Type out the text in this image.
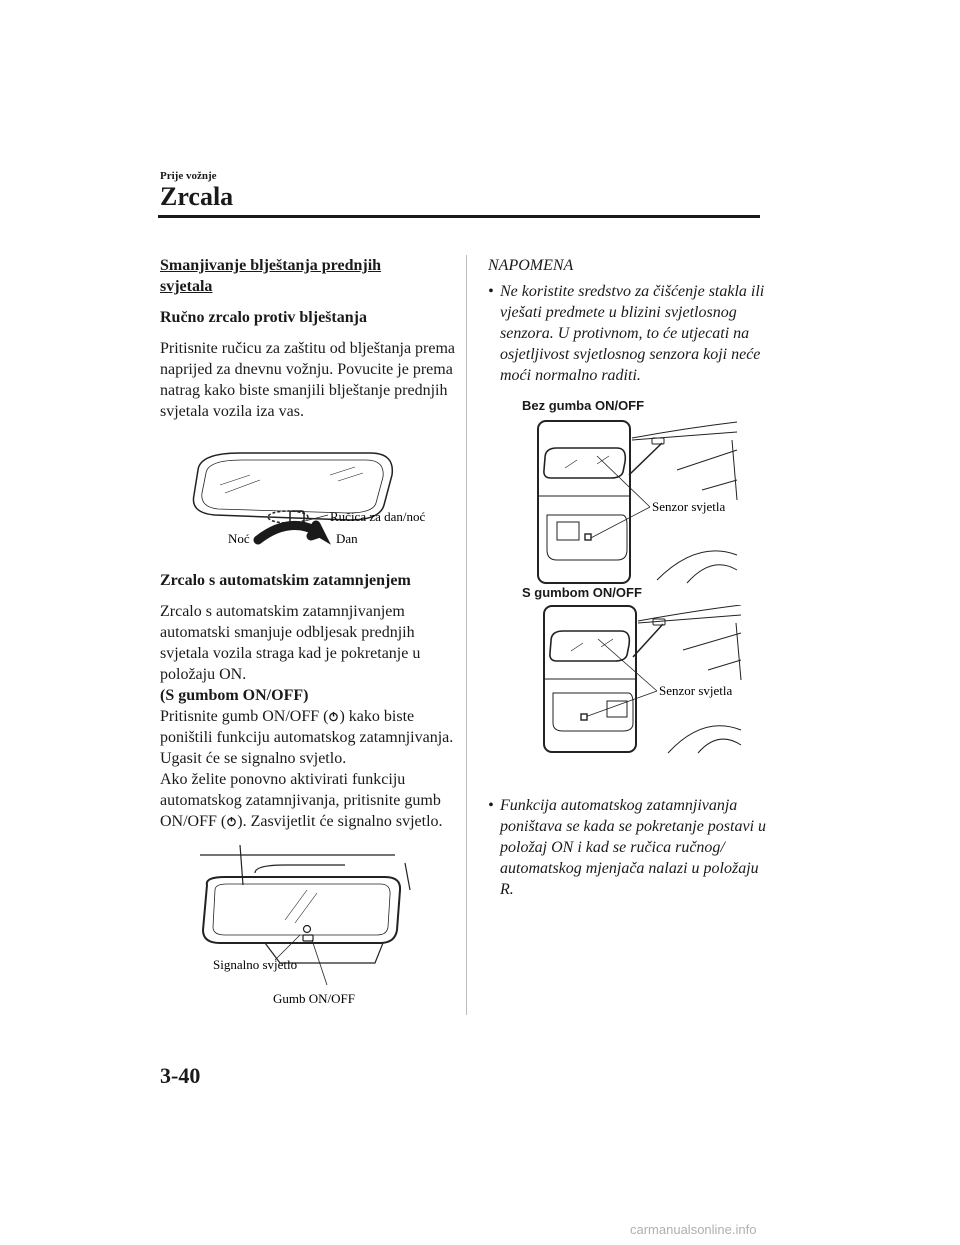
Prije vožnje
Zrcala
Smanjivanje blještanja prednjih svjetala
Ručno zrcalo protiv blještanja

Pritisnite ručicu za zaštitu od blještanja prema naprijed za dnevnu vožnju. Povucite je prema natrag kako biste smanjili blještanje prednjih svjetala vozila iza vas.

Ručica za dan/noć
Noć	Dan
Zrcalo s automatskim zatamnjenjem

Zrcalo s automatskim zatamnjivanjem automatski smanjuje odbljesak prednjih svjetala vozila straga kad je pokretanje u položaju ON.

(S gumbom ON/OFF)

Pritisnite gumb ON/OFF ( ) kako biste poništili funkciju automatskog zatamnjivanja. Ugasit će se signalno svjetlo.

Ako želite ponovno aktivirati funkciju automatskog zatamnjivanja, pritisnite gumb ON/OFF ( ). Zasvijetlit će signalno svjetlo.

Signalno svjetlo
Gumb ON/OFF
NAPOMENA
• Ne koristite sredstvo za čišćenje stakla ili vješati predmete u blizini svjetlosnog senzora. U protivnom, to će utjecati na osjetljivost svjetlosnog senzora koji neće moći normalno raditi.
Bez gumba ON/OFF
Senzor svjetla
S gumbom ON/OFF
Senzor svjetla
• Funkcija automatskog zatamnjivanja poništava se kada se pokretanje postavi u položaj ON i kad se ručica ručnog/ automatskog mjenjača nalazi u položaju R.
3-40
carmanualsonline.info
